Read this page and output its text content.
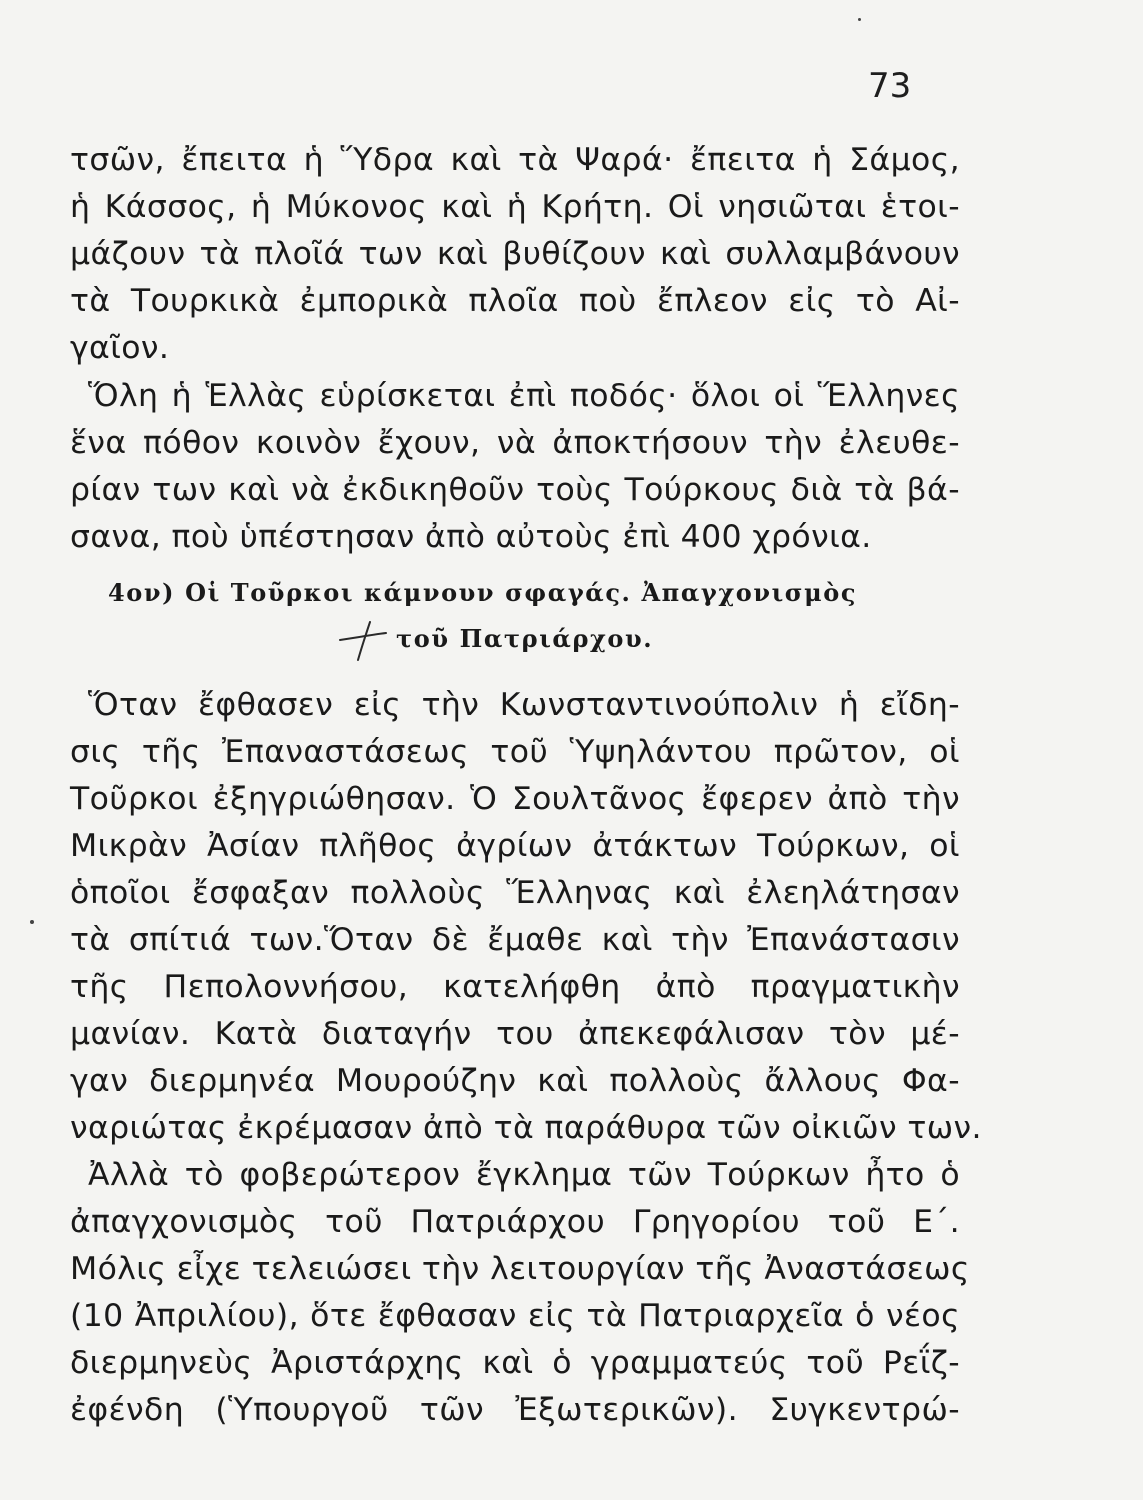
73
τσῶν, ἔπειτα ἡ Ὕδρα καὶ τὰ Ψαρά· ἔπειτα ἡ Σάμος,
ἡ Κάσσος, ἡ Μύκονος καὶ ἡ Κρήτη. Οἱ νησιῶται ἑτοι-
μάζουν τὰ πλοῖά των καὶ βυθίζουν καὶ συλλαμβάνουν
τὰ Τουρκικὰ ἐμπορικὰ πλοῖα ποὺ ἔπλεον εἰς τὸ Αἰ-
γαῖον.
Ὅλη ἡ Ἑλλὰς εὑρίσκεται ἐπὶ ποδός· ὅλοι οἱ Ἕλληνες
ἕνα πόθον κοινὸν ἔχουν, νὰ ἀποκτήσουν τὴν ἐλευθε-
ρίαν των καὶ νὰ ἐκδικηθοῦν τοὺς Τούρκους διὰ τὰ βά-
σανα, ποὺ ὑπέστησαν ἀπὸ αὐτοὺς ἐπὶ 400 χρόνια.
4ον) Οἱ Τοῦρκοι κάμνουν σφαγάς. Ἀπαγχονισμὸς
τοῦ Πατριάρχου.
Ὅταν ἔφθασεν εἰς τὴν Κωνσταντινούπολιν ἡ εἴδη-
σις τῆς Ἐπαναστάσεως τοῦ Ὑψηλάντου πρῶτον, οἱ
Τοῦρκοι ἐξηγριώθησαν. Ὁ Σουλτᾶνος ἔφερεν ἀπὸ τὴν
Μικρὰν Ἀσίαν πλῆθος ἀγρίων ἀτάκτων Τούρκων, οἱ
ὁποῖοι ἔσφαξαν πολλοὺς Ἕλληνας καὶ ἐλεηλάτησαν
τὰ σπίτιά των.Ὅταν δὲ ἔμαθε καὶ τὴν Ἐπανάστασιν
τῆς Πεπολοννήσου, κατελήφθη ἀπὸ πραγματικὴν
μανίαν. Κατὰ διαταγήν του ἀπεκεφάλισαν τὸν μέ-
γαν διερμηνέα Μουρούζην καὶ πολλοὺς ἄλλους Φα-
ναριώτας ἐκρέμασαν ἀπὸ τὰ παράθυρα τῶν οἰκιῶν των.
Ἀλλὰ τὸ φοβερώτερον ἔγκλημα τῶν Τούρκων ἦτο ὁ
ἀπαγχονισμὸς τοῦ Πατριάρχου Γρηγορίου τοῦ Ε΄.
Μόλις εἶχε τελειώσει τὴν λειτουργίαν τῆς Ἀναστάσεως
(10 Ἀπριλίου), ὅτε ἔφθασαν εἰς τὰ Πατριαρχεῖα ὁ νέος
διερμηνεὺς Ἀριστάρχης καὶ ὁ γραμματεύς τοῦ Ρεΐζ-
ἐφένδη (Ὑπουργοῦ τῶν Ἐξωτερικῶν). Συγκεντρώ-
